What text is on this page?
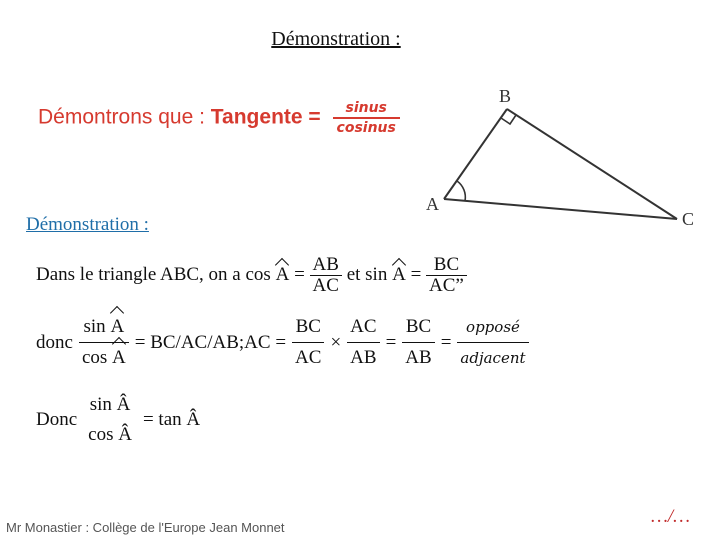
Démonstration :
Démontrons que : Tangente = $\frac{\text{sinus}}{\text{cosinus}}$
B
A
C
Démonstration :
Dans le triangle ABC, on a $\cos A = \frac{AB}{AC}$ et $\sin A = \frac{BC}{AC”}$
donc $\frac{\text{sin A}}{\text{cos A}}$ = BC/AC/AB;AC = $\frac{BC}{AC} \times \frac{AC}{AB} = \frac{BC}{AB} = \frac{\text{opposé}}{\text{adjacent}}$
Donc
sin Â
cos Â
= tan Â
Mr Monastier : Collège de l'Europe Jean Monnet
…/…
